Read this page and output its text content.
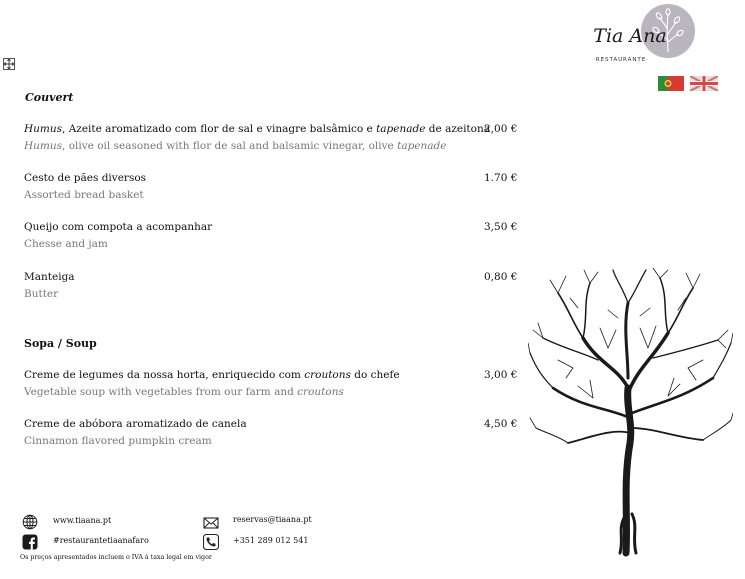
Tia Ana
·RESTAURANTE·
Couvert
Humus, Azeite aromatizado com flor de sal e vinagre balsâmico e tapenade de azeitona
Humus, olive oil seasoned with flor de sal and balsamic vinegar, olive tapenade
2,00 €
Cesto de pães diversos
Assorted bread basket
1.70 €
Queijo com compota a acompanhar
Chesse and jam
3,50 €
Manteiga
Butter
0,80 €
Sopa / Soup
Creme de legumes da nossa horta, enriquecido com croutons do chefe
Vegetable soup with vegetables from our farm and croutons
3,00 €
Creme de abóbora aromatizado de canela
Cinnamon flavored pumpkin cream
4,50 €
www.tiaana.pt
#restaurantetiaanafaro
reservas@tiaana.pt
+351 289 012 541
Os preços apresentados incluem o IVA à taxa legal em vigor
